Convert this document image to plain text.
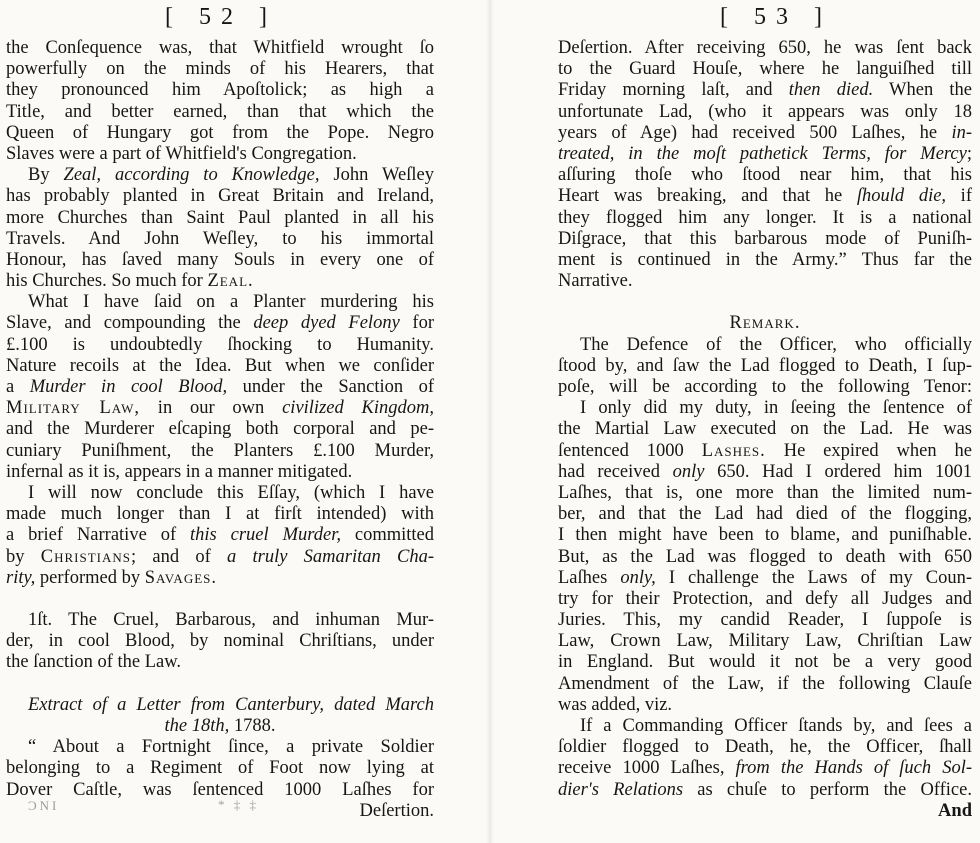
[ 52 ]
the Conſequence was, that Whitfield wrought ſo
powerfully on the minds of his Hearers, that
they pronounced him Apoſtolick; as high a
Title, and better earned, than that which the
Queen of Hungary got from the Pope. Negro
Slaves were a part of Whitfield's Congregation.
By Zeal, according to Knowledge, John Weſley
has probably planted in Great Britain and Ireland,
more Churches than Saint Paul planted in all his
Travels. And John Weſley, to his immortal
Honour, has ſaved many Souls in every one of
his Churches. So much for Zeal.
What I have ſaid on a Planter murdering his
Slave, and compounding the deep dyed Felony for
£.100 is undoubtedly ſhocking to Humanity.
Nature recoils at the Idea. But when we conſider
a Murder in cool Blood, under the Sanction of
Military Law, in our own civilized Kingdom,
and the Murderer eſcaping both corporal and pe-
cuniary Puniſhment, the Planters £.100 Murder,
infernal as it is, appears in a manner mitigated.
I will now conclude this Eſſay, (which I have
made much longer than I at firſt intended) with
a brief Narrative of this cruel Murder, committed
by Christians; and of a truly Samaritan Cha-
rity, performed by Savages.
1ſt. The Cruel, Barbarous, and inhuman Mur-
der, in cool Blood, by nominal Chriſtians, under
the ſanction of the Law.
Extract of a Letter from Canterbury, dated March
the 18th, 1788.
“ About a Fortnight ſince, a private Soldier
belonging to a Regiment of Foot now lying at
Dover Caſtle, was ſentenced 1000 Laſhes for
Deſertion.
ƆNI	* ‡ ‡
[ 53 ]
Deſertion. After receiving 650, he was ſent back
to the Guard Houſe, where he languiſhed till
Friday morning laſt, and then died. When the
unfortunate Lad, (who it appears was only 18
years of Age) had received 500 Laſhes, he in-
treated, in the moſt pathetick Terms, for Mercy;
aſſuring thoſe who ſtood near him, that his
Heart was breaking, and that he ſhould die, if
they flogged him any longer. It is a national
Diſgrace, that this barbarous mode of Puniſh-
ment is continued in the Army.” Thus far the
Narrative.
Remark.
The Defence of the Officer, who officially
ſtood by, and ſaw the Lad flogged to Death, I ſup-
poſe, will be according to the following Tenor:
I only did my duty, in ſeeing the ſentence of
the Martial Law executed on the Lad. He was
ſentenced 1000 Lashes. He expired when he
had received only 650. Had I ordered him 1001
Laſhes, that is, one more than the limited num-
ber, and that the Lad had died of the flogging,
I then might have been to blame, and puniſhable.
But, as the Lad was flogged to death with 650
Laſhes only, I challenge the Laws of my Coun-
try for their Protection, and defy all Judges and
Juries. This, my candid Reader, I ſuppoſe is
Law, Crown Law, Military Law, Chriſtian Law
in England. But would it not be a very good
Amendment of the Law, if the following Clauſe
was added, viz.
If a Commanding Officer ſtands by, and ſees a
ſoldier flogged to Death, he, the Officer, ſhall
receive 1000 Laſhes, from the Hands of ſuch Sol-
dier's Relations as chuſe to perform the Office.
And
